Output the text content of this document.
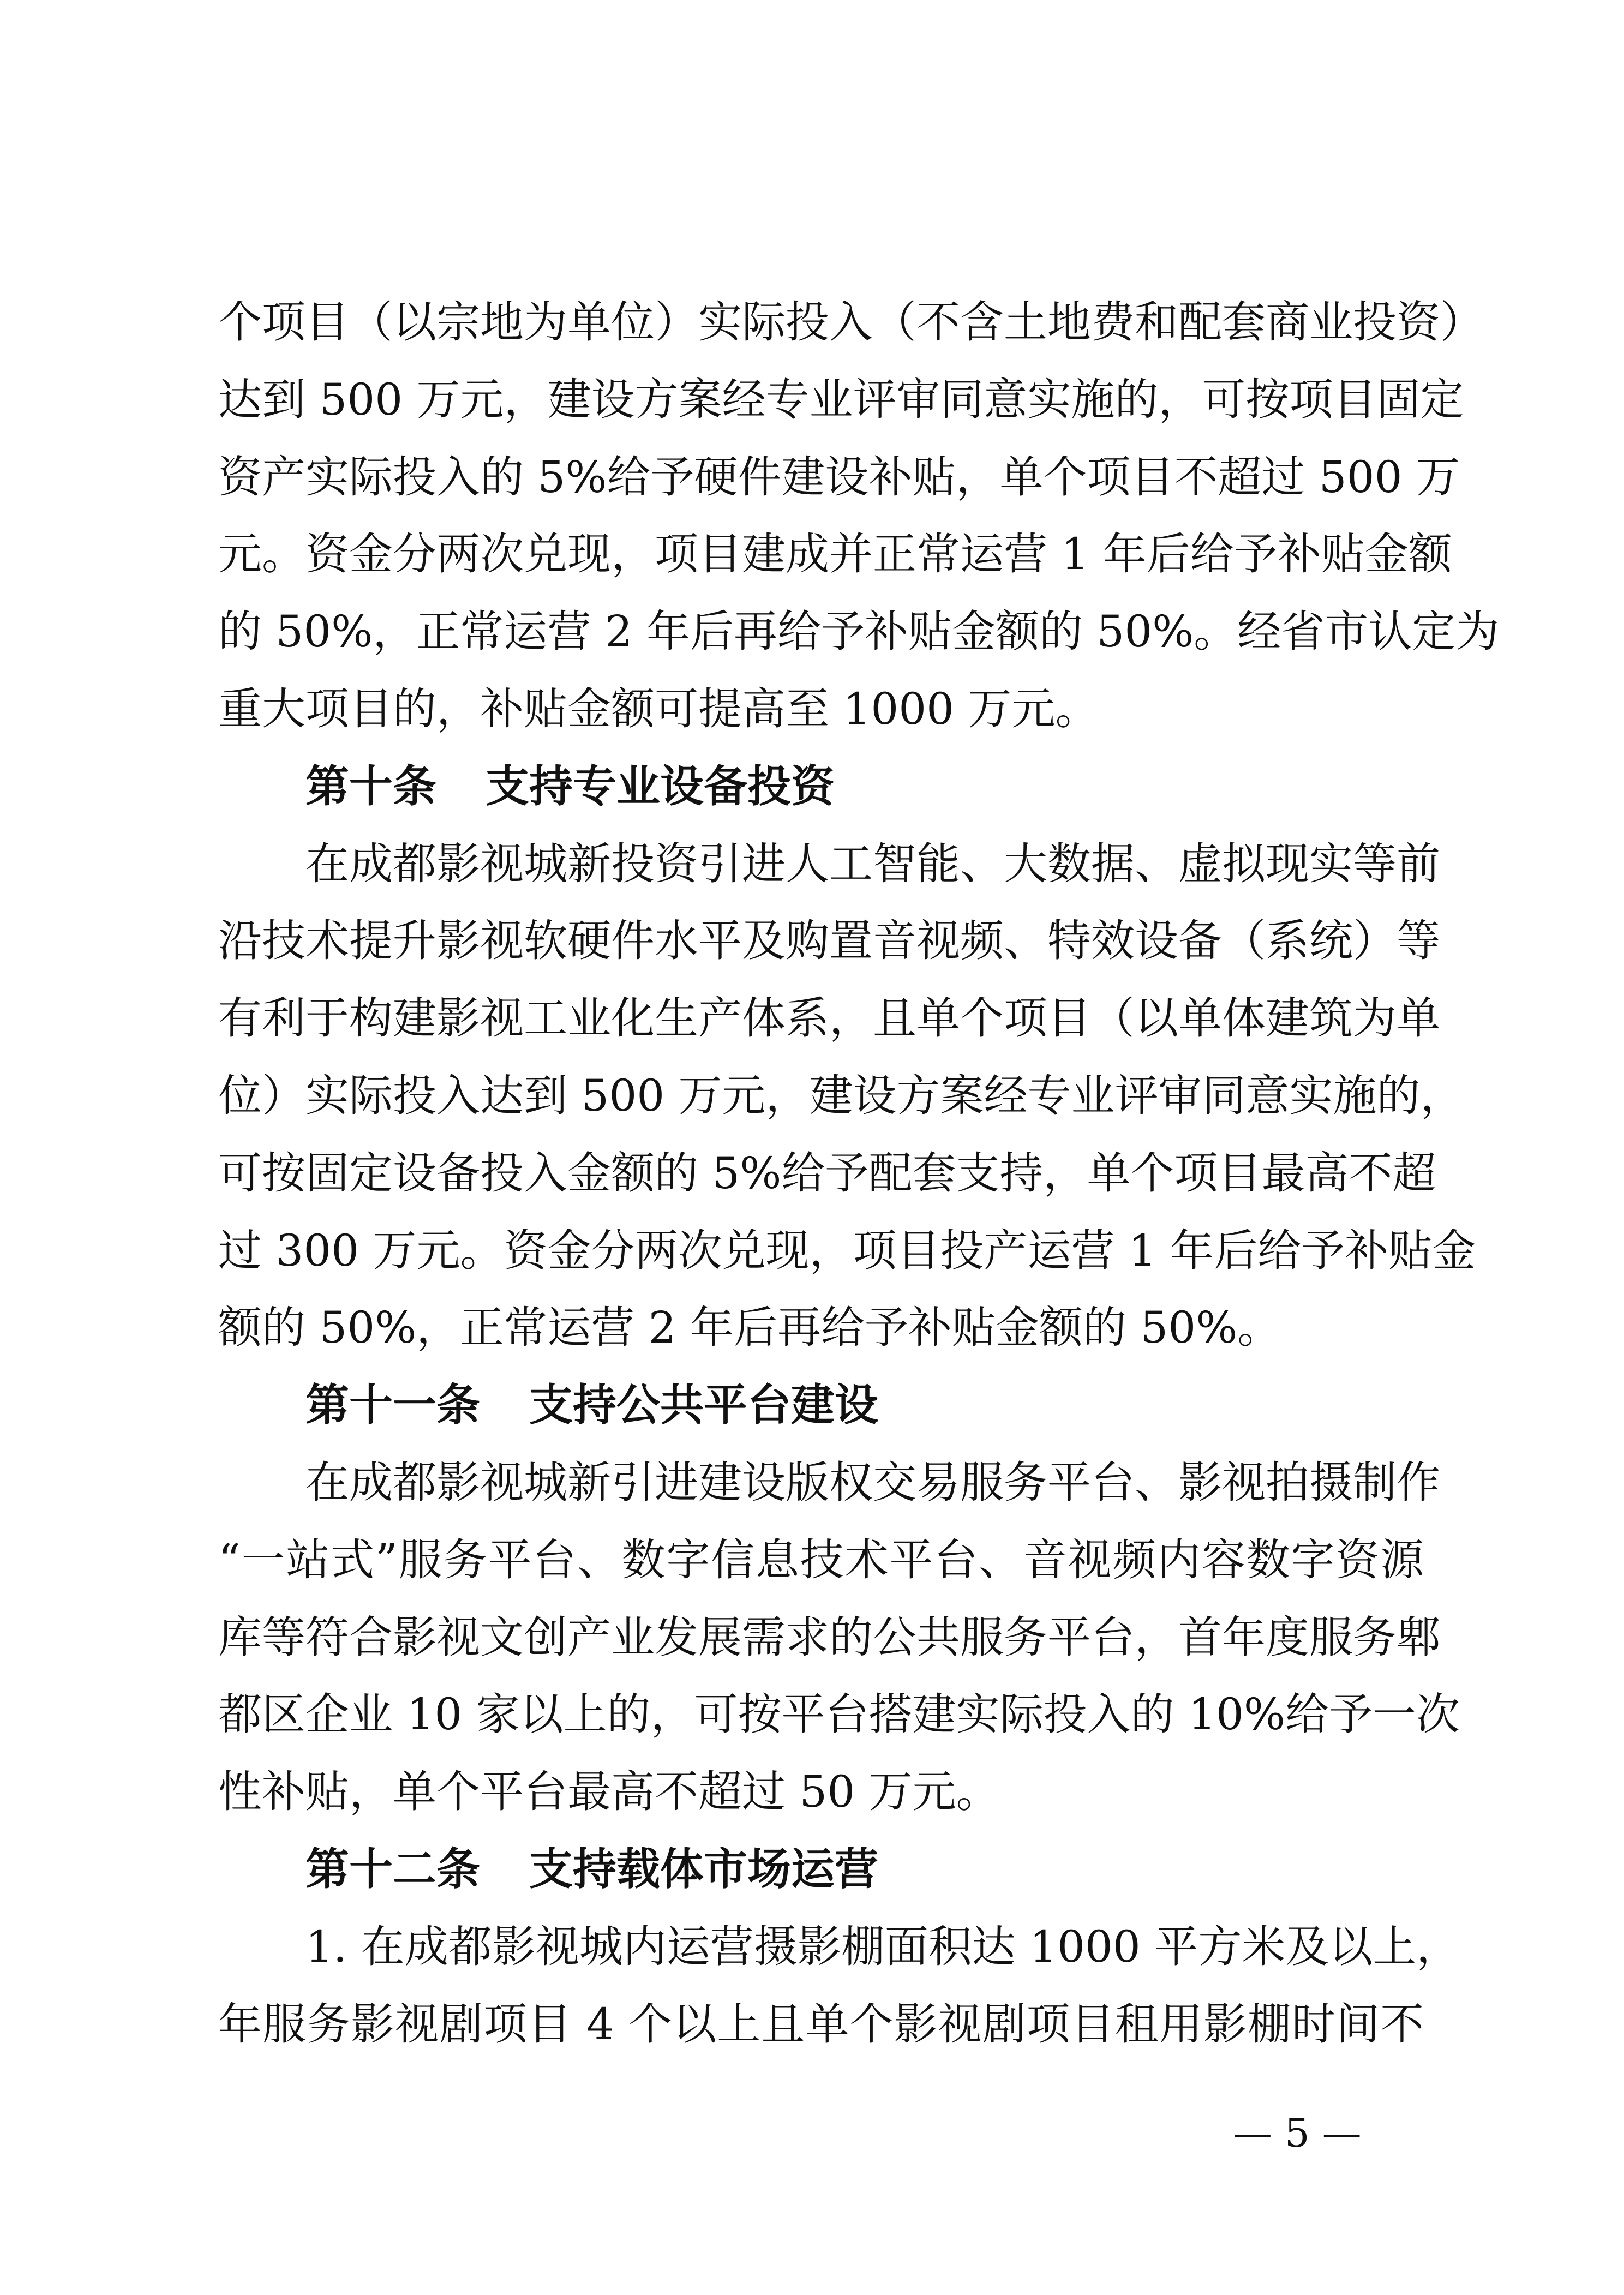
个项目（以宗地为单位）实际投入（不含土地费和配套商业投资）
达到 500 万元，建设方案经专业评审同意实施的，可按项目固定
资产实际投入的 5%给予硬件建设补贴，单个项目不超过 500 万
元。资金分两次兑现，项目建成并正常运营 1 年后给予补贴金额
的 50%，正常运营 2 年后再给予补贴金额的 50%。经省市认定为
重大项目的，补贴金额可提高至 1000 万元。
第十条 支持专业设备投资
在成都影视城新投资引进人工智能、大数据、虚拟现实等前
沿技术提升影视软硬件水平及购置音视频、特效设备（系统）等
有利于构建影视工业化生产体系，且单个项目（以单体建筑为单
位）实际投入达到 500 万元，建设方案经专业评审同意实施的，
可按固定设备投入金额的 5%给予配套支持，单个项目最高不超
过 300 万元。资金分两次兑现，项目投产运营 1 年后给予补贴金
额的 50%，正常运营 2 年后再给予补贴金额的 50%。
第十一条 支持公共平台建设
在成都影视城新引进建设版权交易服务平台、影视拍摄制作
“一站式”服务平台、数字信息技术平台、音视频内容数字资源
库等符合影视文创产业发展需求的公共服务平台，首年度服务郫
都区企业 10 家以上的，可按平台搭建实际投入的 10%给予一次
性补贴，单个平台最高不超过 50 万元。
第十二条 支持载体市场运营
1. 在成都影视城内运营摄影棚面积达 1000 平方米及以上，
年服务影视剧项目 4 个以上且单个影视剧项目租用影棚时间不
— 5 —
